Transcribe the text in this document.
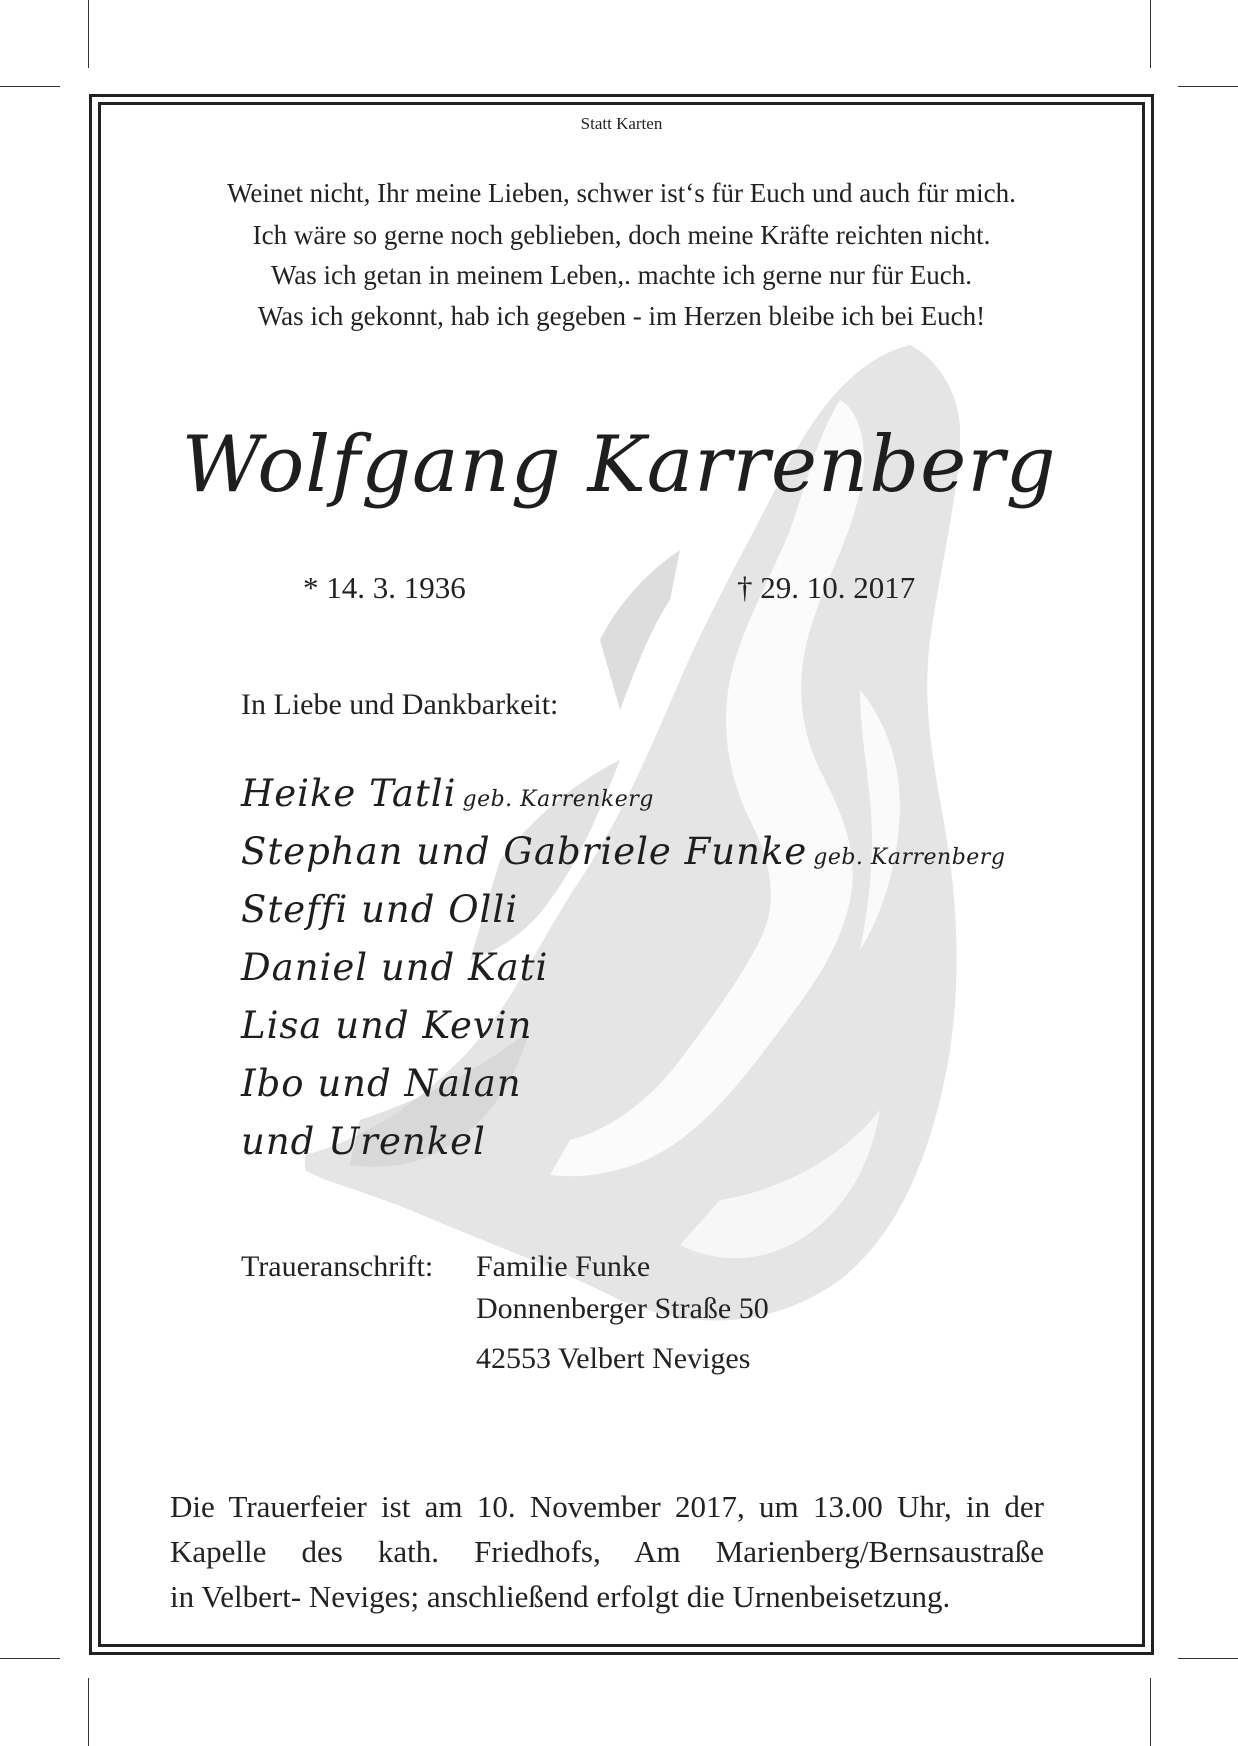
Statt Karten
Weinet nicht, Ihr meine Lieben, schwer ist‘s für Euch und auch für mich.
Ich wäre so gerne noch geblieben, doch meine Kräfte reichten nicht.
Was ich getan in meinem Leben,. machte ich gerne nur für Euch.
Was ich gekonnt, hab ich gegeben - im Herzen bleibe ich bei Euch!
Wolfgang Karrenberg
* 14. 3. 1936	† 29. 10. 2017
In Liebe und Dankbarkeit:
Heike Tatli geb. Karrenkerg
Stephan und Gabriele Funke geb. Karrenberg
Steffi und Olli
Daniel und Kati
Lisa und Kevin
Ibo und Nalan
und Urenkel
Traueranschrift: Familie Funke
Donnenberger Straße 50
42553 Velbert Neviges
Die Trauerfeier ist am 10. November 2017, um 13.00 Uhr, in der
Kapelle des kath. Friedhofs, Am Marienberg/Bernsaustraße
in Velbert- Neviges; anschließend erfolgt die Urnenbeisetzung.
